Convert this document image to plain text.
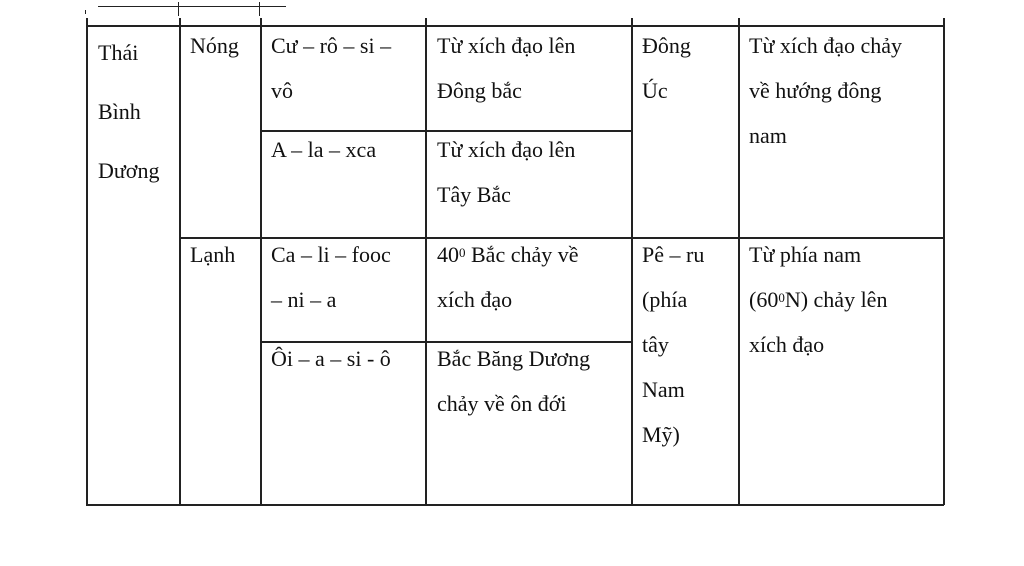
Thái
Bình
Dương
Nóng
Lạnh
Cư – rô – si –
vô
A – la – xca
Ca – li – fooc
– ni – a
Ôi – a – si - ô
Từ xích đạo lên
Đông bắc
Từ xích đạo lên
Tây Bắc
$40^0$ Bắc chảy về
xích đạo
Bắc Băng Dương
chảy về ôn đới
Đông
Úc
Pê – ru
(phía
tây
Nam
Mỹ)
Từ xích đạo chảy
về hướng đông
nam
Từ phía nam
$(60^0N)$ chảy lên
xích đạo
